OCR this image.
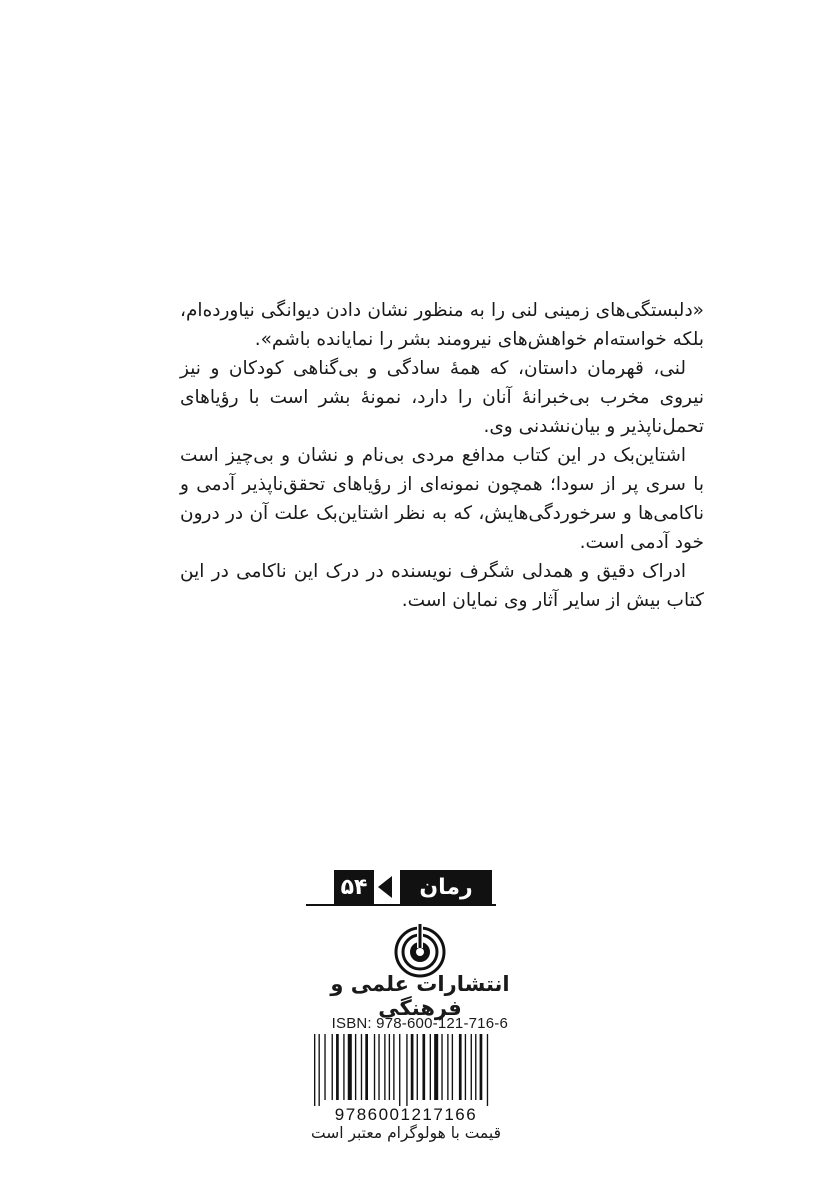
«دلبستگی‌های زمینی لنی را به منظور نشان دادن دیوانگی نیاورده‌ام، بلکه خواسته‌ام خواهش‌های نیرومند بشر را نمایانده باشم».

لنی، قهرمان داستان، که همهٔ سادگی و بی‌گناهی کودکان و نیز نیروی مخرب بی‌خبرانهٔ آنان را دارد، نمونهٔ بشر است با رؤیاهای تحمل‌ناپذیر و بیان‌نشدنی وی.

اشتاین‌بک در این کتاب مدافع مردی بی‌نام و نشان و بی‌چیز است با سری پر از سودا؛ همچون نمونه‌ای از رؤیاهای تحقق‌ناپذیر آدمی و ناکامی‌ها و سرخوردگی‌هایش، که به نظر اشتاین‌بک علت آن در درون خود آدمی است.

ادراک دقیق و همدلی شگرف نویسنده در درک این ناکامی در این کتاب بیش از سایر آثار وی نمایان است.

۵۴	رمان
انتشارات علمی و فرهنگی
ISBN: 978-600-121-716-6
9786001217166
قیمت با هولوگرام معتبر است
